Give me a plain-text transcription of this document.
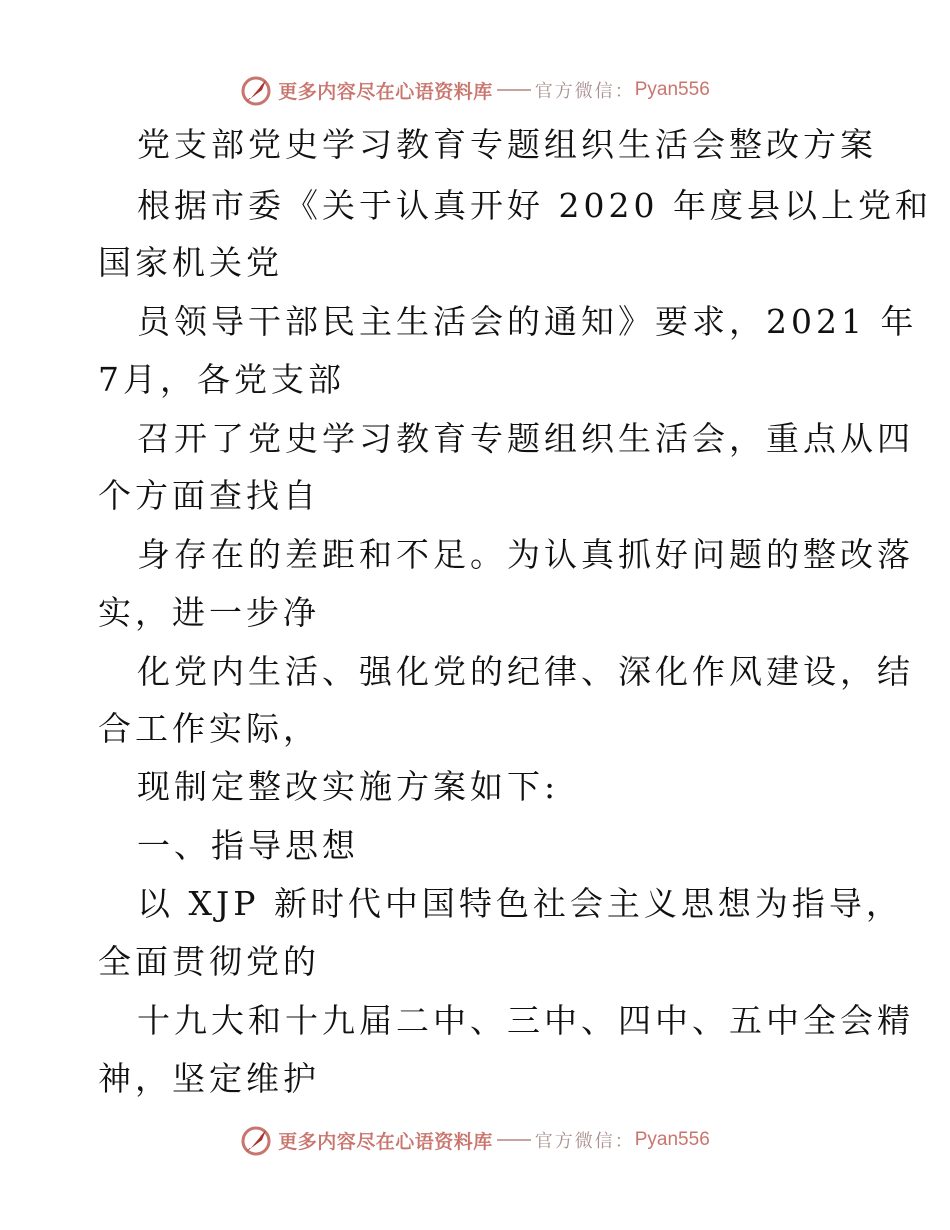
更多内容尽在心语资料库 官方微信： Pyan556
党支部党史学习教育专题组织生活会整改方案
根据市委《关于认真开好 2020 年度县以上党和
国家机关党
员领导干部民主生活会的通知》要求，2021 年
7月，各党支部
召开了党史学习教育专题组织生活会，重点从四
个方面查找自
身存在的差距和不足。为认真抓好问题的整改落
实，进一步净
化党内生活、强化党的纪律、深化作风建设，结
合工作实际，
现制定整改实施方案如下:
一、指导思想
以 XJP 新时代中国特色社会主义思想为指导，
全面贯彻党的
十九大和十九届二中、三中、四中、五中全会精
神，坚定维护
更多内容尽在心语资料库 官方微信： Pyan556
